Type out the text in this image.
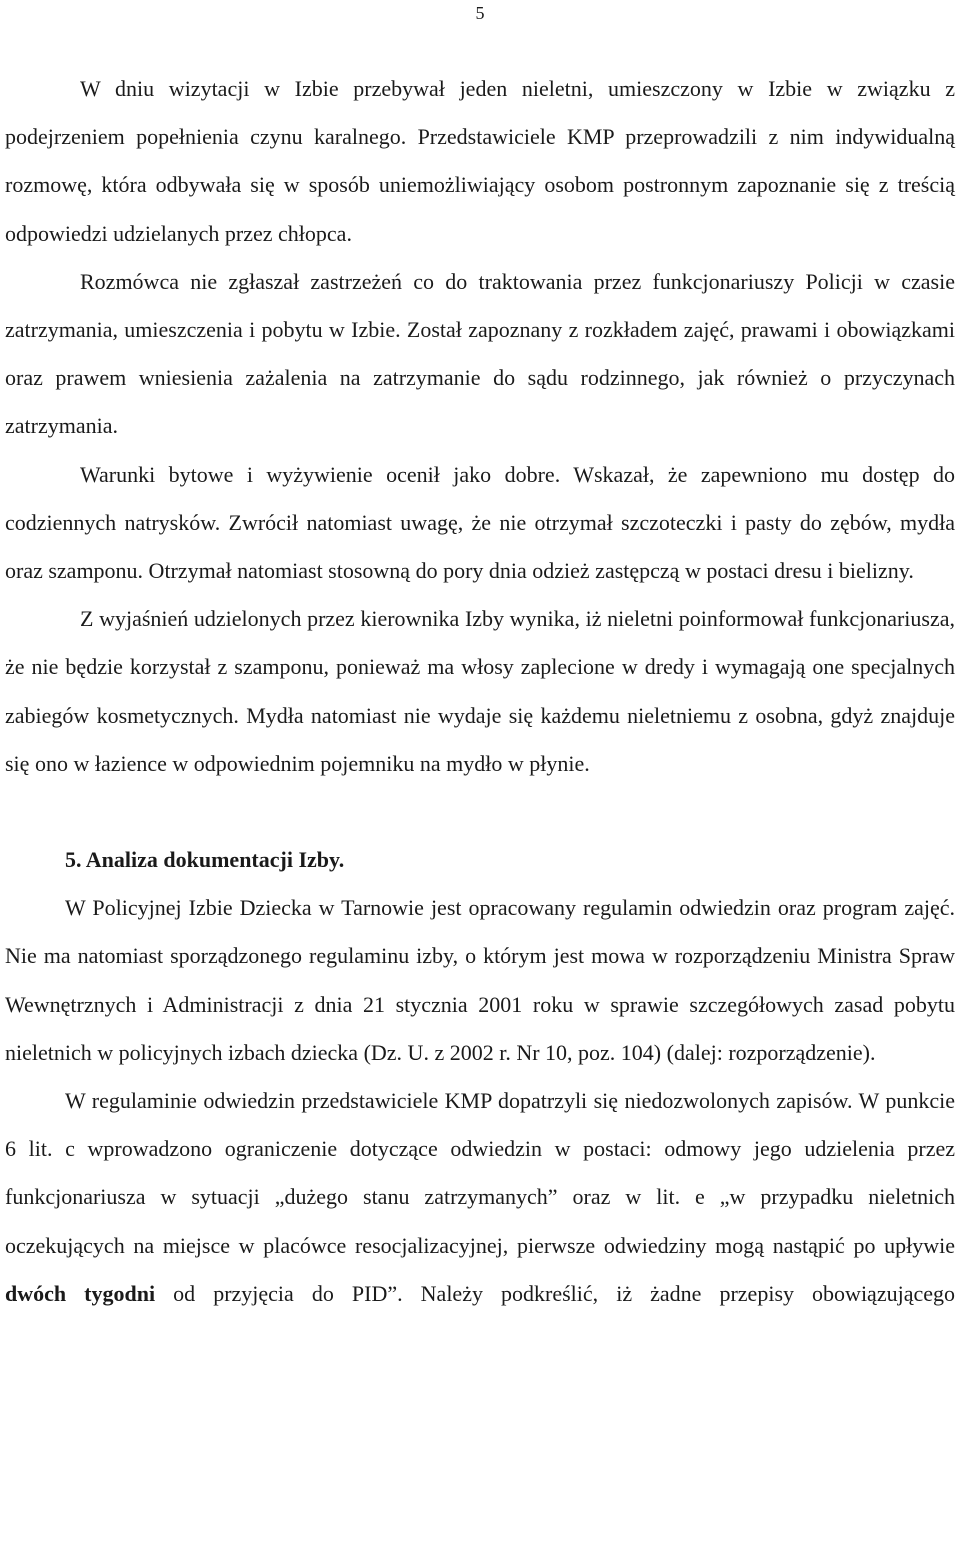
5

W dniu wizytacji w Izbie przebywał jeden nieletni, umieszczony w Izbie w związku z podejrzeniem popełnienia czynu karalnego. Przedstawiciele KMP przeprowadzili z nim indywidualną rozmowę, która odbywała się w sposób uniemożliwiający osobom postronnym zapoznanie się z treścią odpowiedzi udzielanych przez chłopca.

Rozmówca nie zgłaszał zastrzeżeń co do traktowania przez funkcjonariuszy Policji w czasie zatrzymania, umieszczenia i pobytu w Izbie. Został zapoznany z rozkładem zajęć, prawami i obowiązkami oraz prawem wniesienia zażalenia na zatrzymanie do sądu rodzinnego, jak również o przyczynach zatrzymania.

Warunki bytowe i wyżywienie ocenił jako dobre. Wskazał, że zapewniono mu dostęp do codziennych natrysków. Zwrócił natomiast uwagę, że nie otrzymał szczoteczki i pasty do zębów, mydła oraz szamponu. Otrzymał natomiast stosowną do pory dnia odzież zastępczą w postaci dresu i bielizny.

Z wyjaśnień udzielonych przez kierownika Izby wynika, iż nieletni poinformował funkcjonariusza, że nie będzie korzystał z szamponu, ponieważ ma włosy zaplecione w dredy i wymagają one specjalnych zabiegów kosmetycznych. Mydła natomiast nie wydaje się każdemu nieletniemu z osobna, gdyż znajduje się ono w łazience w odpowiednim pojemniku na mydło w płynie.

5. Analiza dokumentacji Izby.

W Policyjnej Izbie Dziecka w Tarnowie jest opracowany regulamin odwiedzin oraz program zajęć. Nie ma natomiast sporządzonego regulaminu izby, o którym jest mowa w rozporządzeniu Ministra Spraw Wewnętrznych i Administracji z dnia 21 stycznia 2001 roku w sprawie szczegółowych zasad pobytu nieletnich w policyjnych izbach dziecka (Dz. U. z 2002 r. Nr 10, poz. 104) (dalej: rozporządzenie).

W regulaminie odwiedzin przedstawiciele KMP dopatrzyli się niedozwolonych zapisów. W punkcie 6 lit. c wprowadzono ograniczenie dotyczące odwiedzin w postaci: odmowy jego udzielenia przez funkcjonariusza w sytuacji „dużego stanu zatrzymanych” oraz w lit. e „w przypadku nieletnich oczekujących na miejsce w placówce resocjalizacyjnej, pierwsze odwiedziny mogą nastąpić po upływie dwóch tygodni od przyjęcia do PID”. Należy podkreślić, iż żadne przepisy obowiązującego
